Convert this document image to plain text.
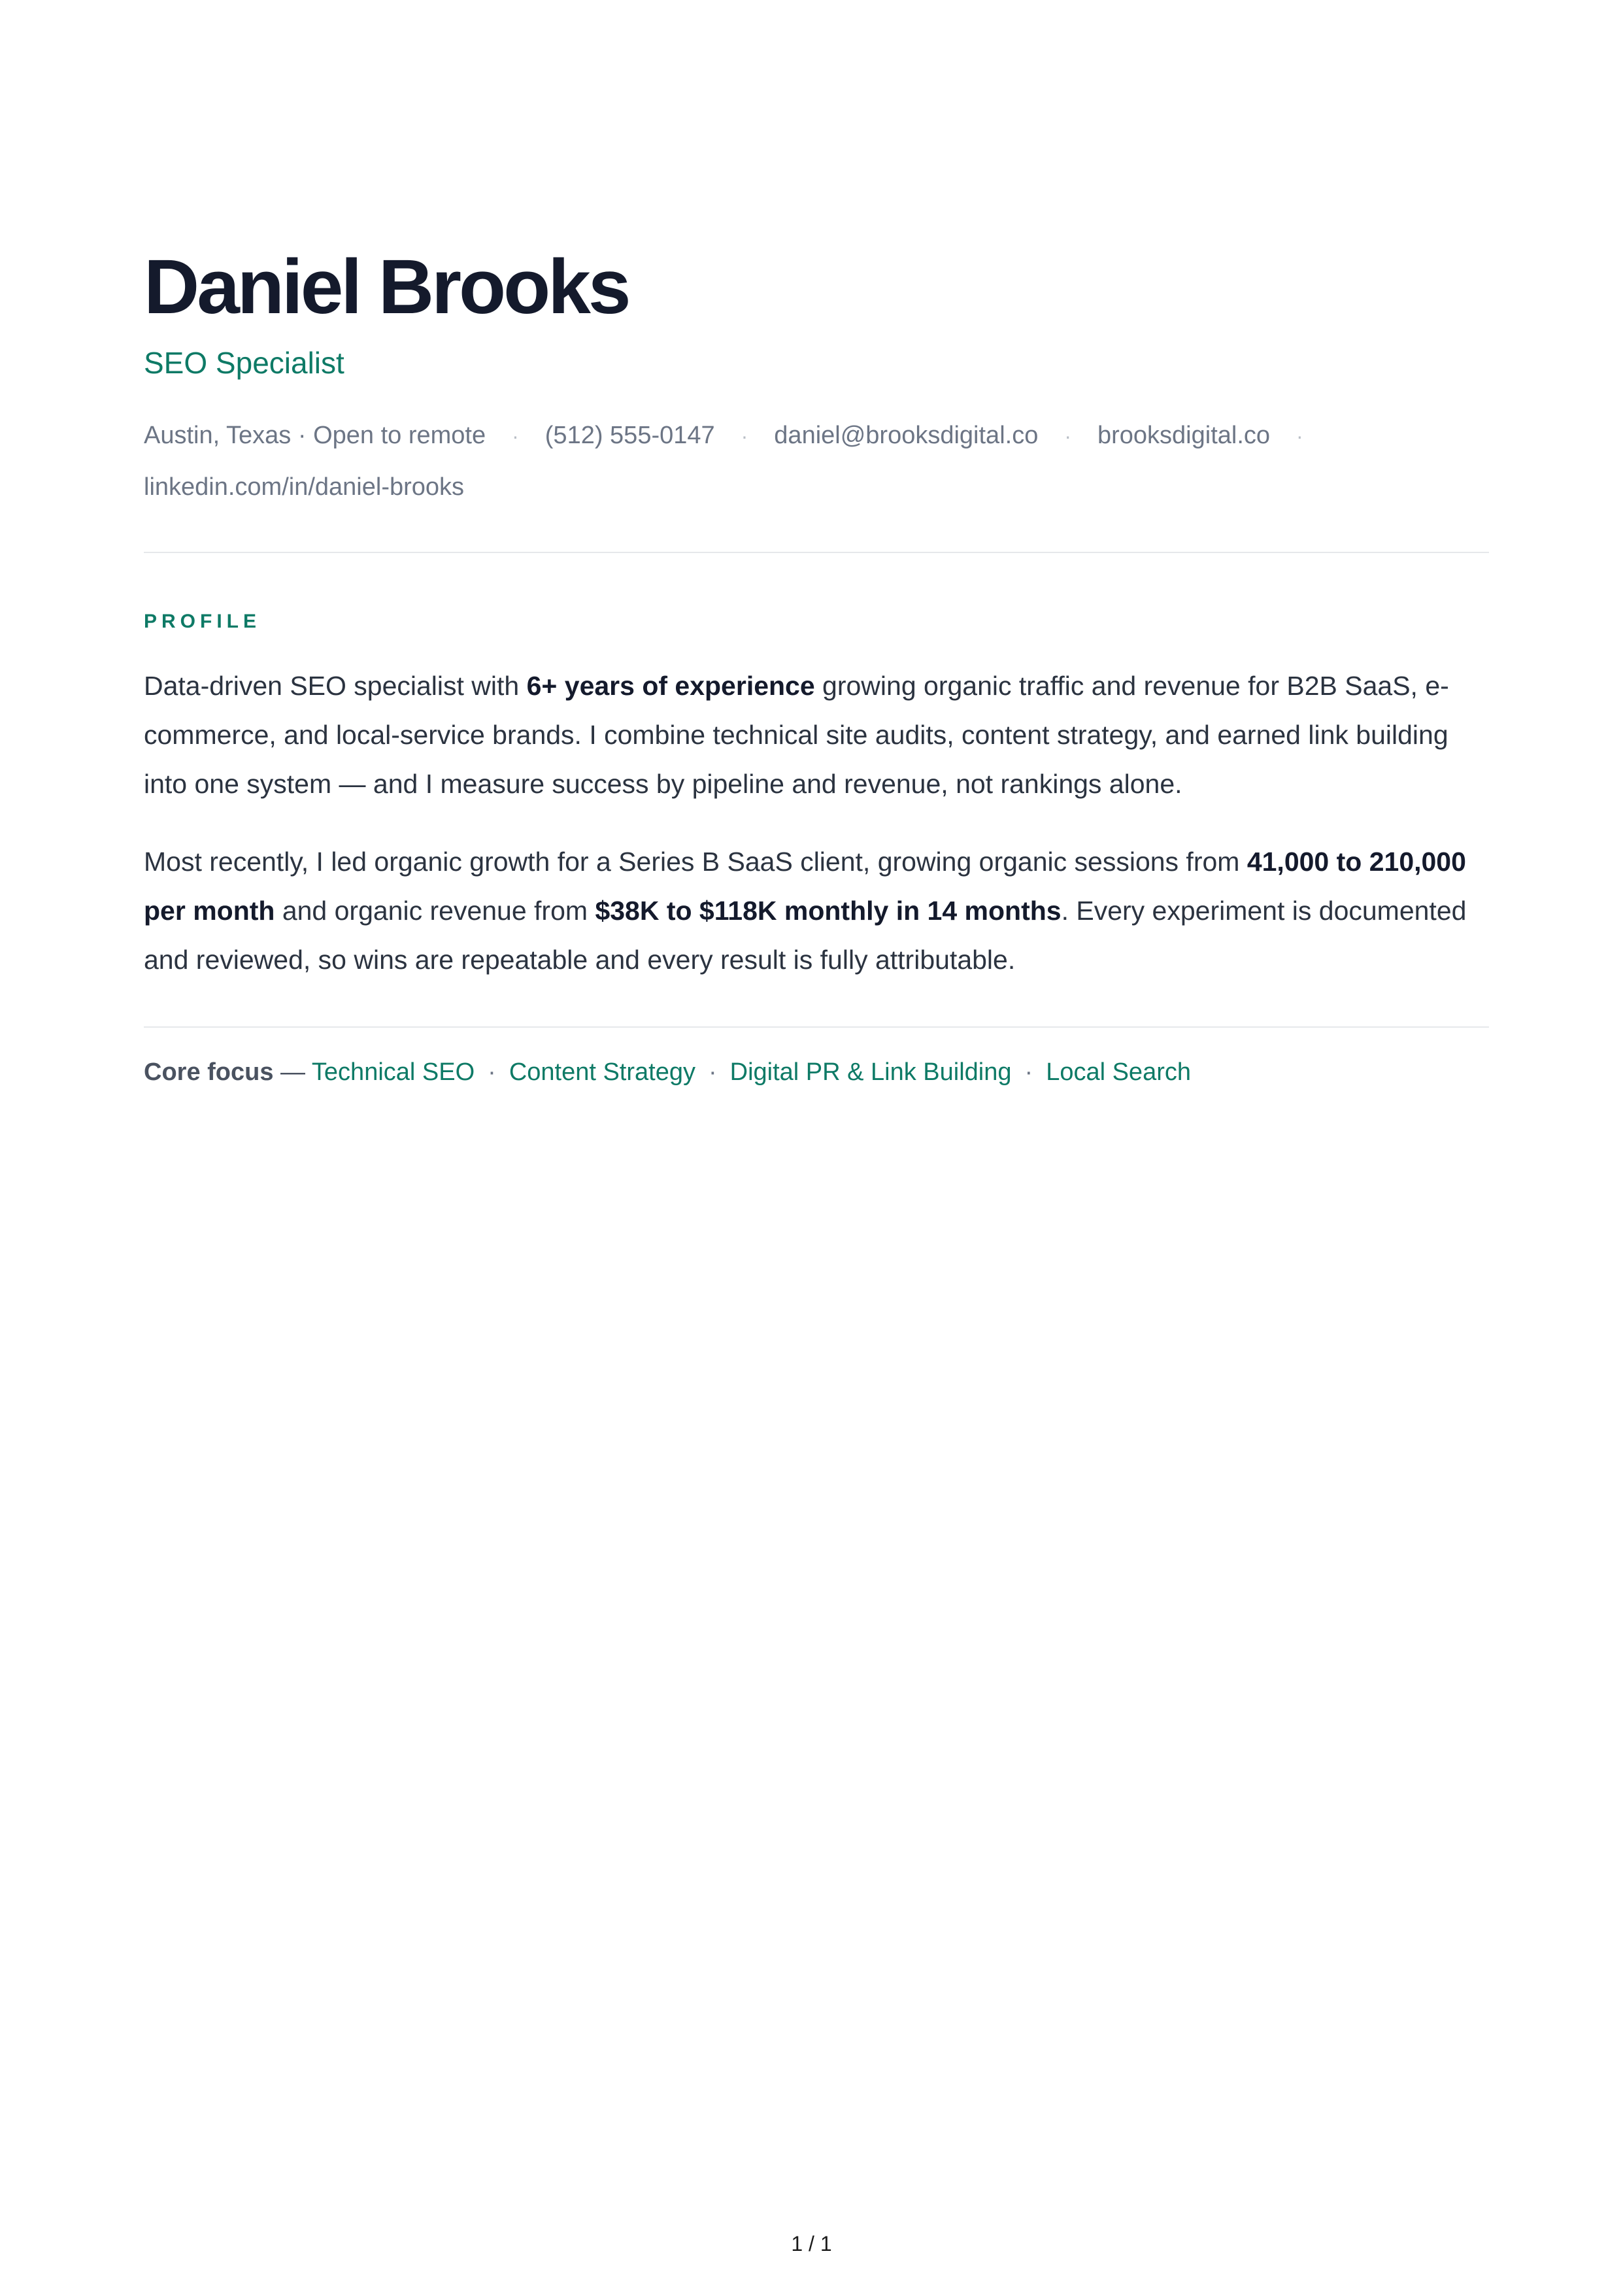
Daniel Brooks
SEO Specialist
Austin, Texas · Open to remote · (512) 555-0147 · daniel@brooksdigital.co · brooksdigital.co ·
linkedin.com/in/daniel-brooks
PROFILE

Data-driven SEO specialist with 6+ years of experience growing organic traffic and revenue for B2B SaaS, e-commerce, and local-service brands. I combine technical site audits, content strategy, and earned link building into one system — and I measure success by pipeline and revenue, not rankings alone.

Most recently, I led organic growth for a Series B SaaS client, growing organic sessions from 41,000 to 210,000 per month and organic revenue from $38K to $118K monthly in 14 months. Every experiment is documented and reviewed, so wins are repeatable and every result is fully attributable.

Core focus — Technical SEO · Content Strategy · Digital PR & Link Building · Local Search
1 / 1
